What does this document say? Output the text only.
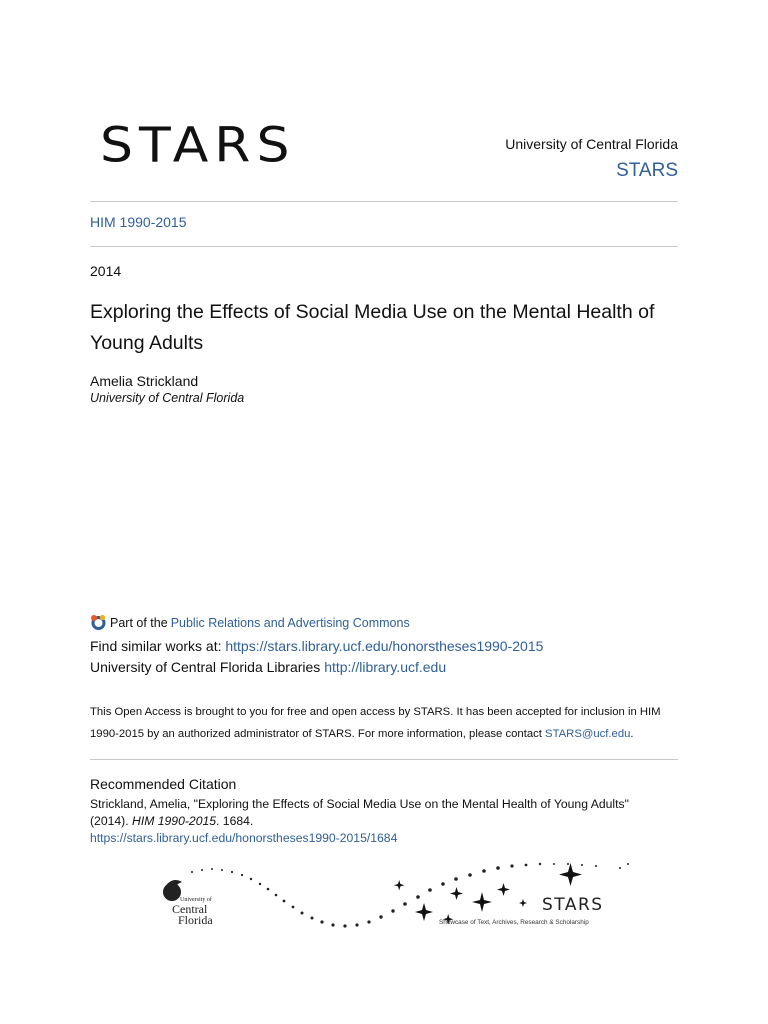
STARS	University of Central Florida
STARS
HIM 1990-2015
2014
Exploring the Effects of Social Media Use on the Mental Health of Young Adults
Amelia Strickland
University of Central Florida
Part of the Public Relations and Advertising Commons
Find similar works at: https://stars.library.ucf.edu/honorstheses1990-2015
University of Central Florida Libraries http://library.ucf.edu
This Open Access is brought to you for free and open access by STARS. It has been accepted for inclusion in HIM 1990-2015 by an authorized administrator of STARS. For more information, please contact STARS@ucf.edu.
Recommended Citation
Strickland, Amelia, "Exploring the Effects of Social Media Use on the Mental Health of Young Adults"
(2014). HIM 1990-2015. 1684.
https://stars.library.ucf.edu/honorstheses1990-2015/1684
University of
Central
Florida
STARS
Showcase of Text, Archives, Research & Scholarship
